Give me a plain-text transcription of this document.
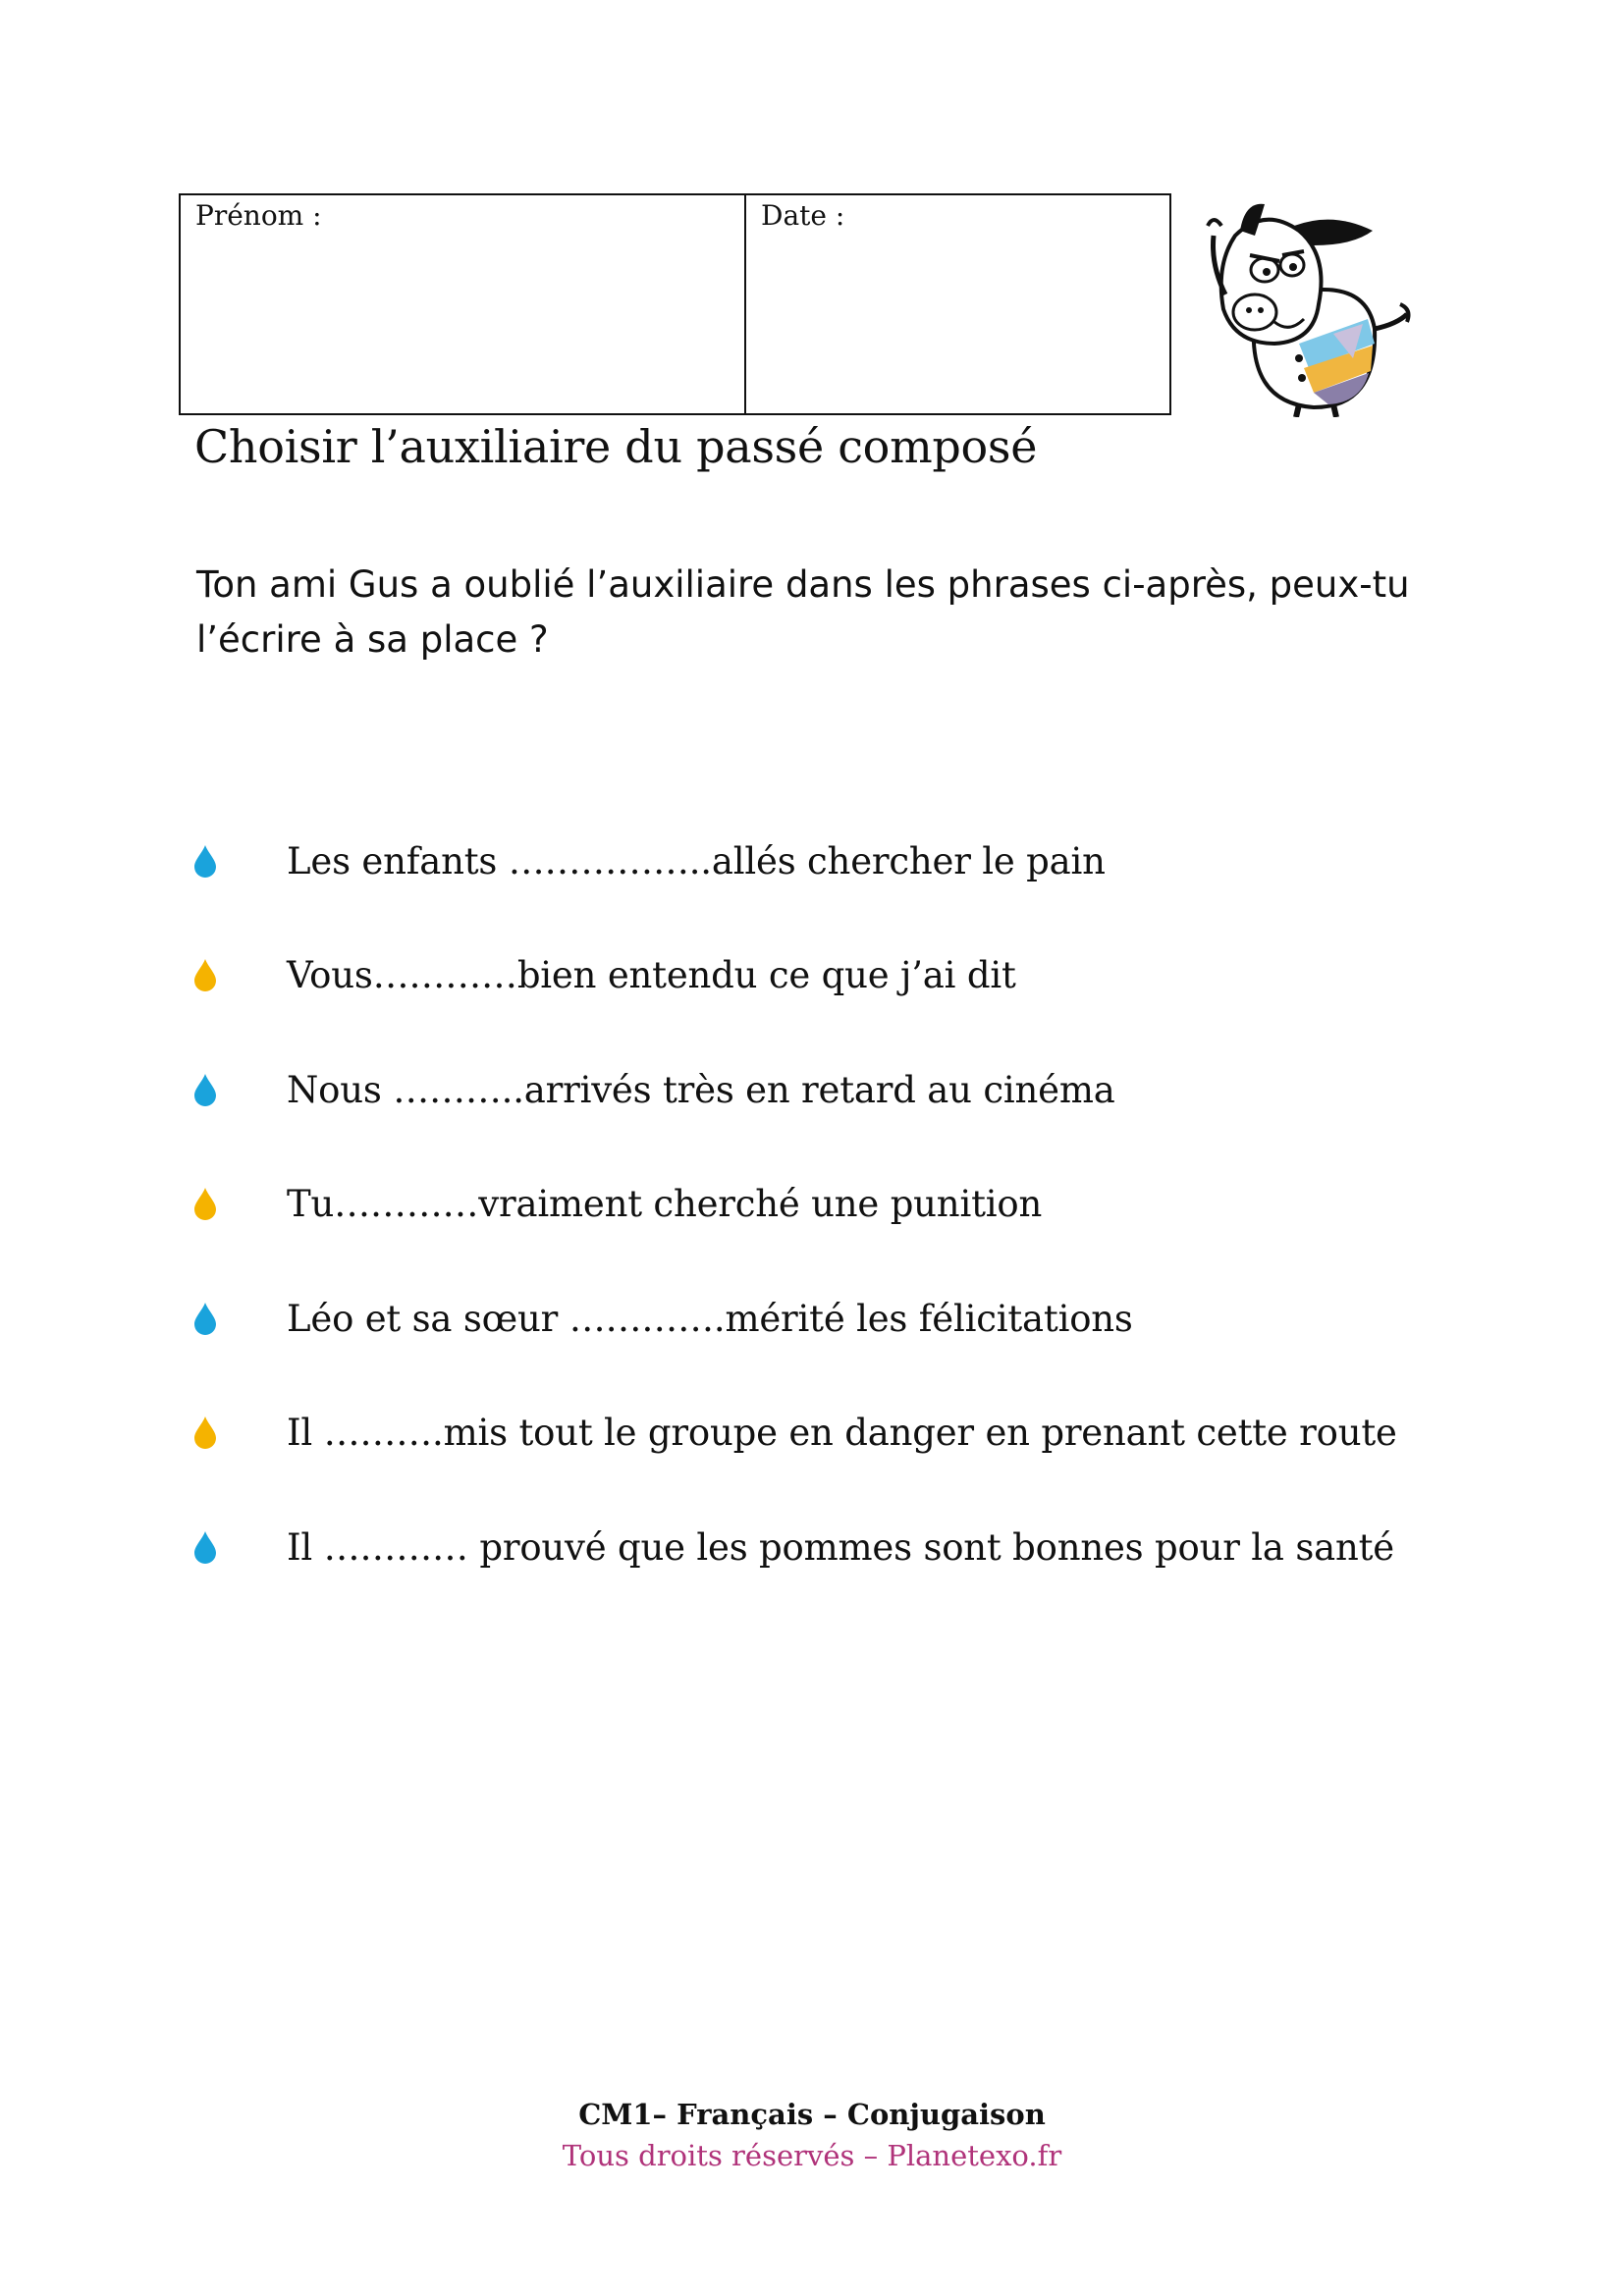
Prénom :	Date :
Choisir l’auxiliaire du passé composé
Ton ami Gus a oublié l’auxiliaire dans les phrases ci-après, peux-tu l’écrire à sa place ?
Les enfants ……………..allés chercher le pain
Vous…………bien entendu ce que j’ai dit
Nous ………..arrivés très en retard au cinéma
Tu…………vraiment cherché une punition
Léo et sa sœur ………….mérité les félicitations
Il ……….mis tout le groupe en danger en prenant cette route
Il ………… prouvé que les pommes sont bonnes pour la santé
CM1– Français – Conjugaison
Tous droits réservés – Planetexo.fr
